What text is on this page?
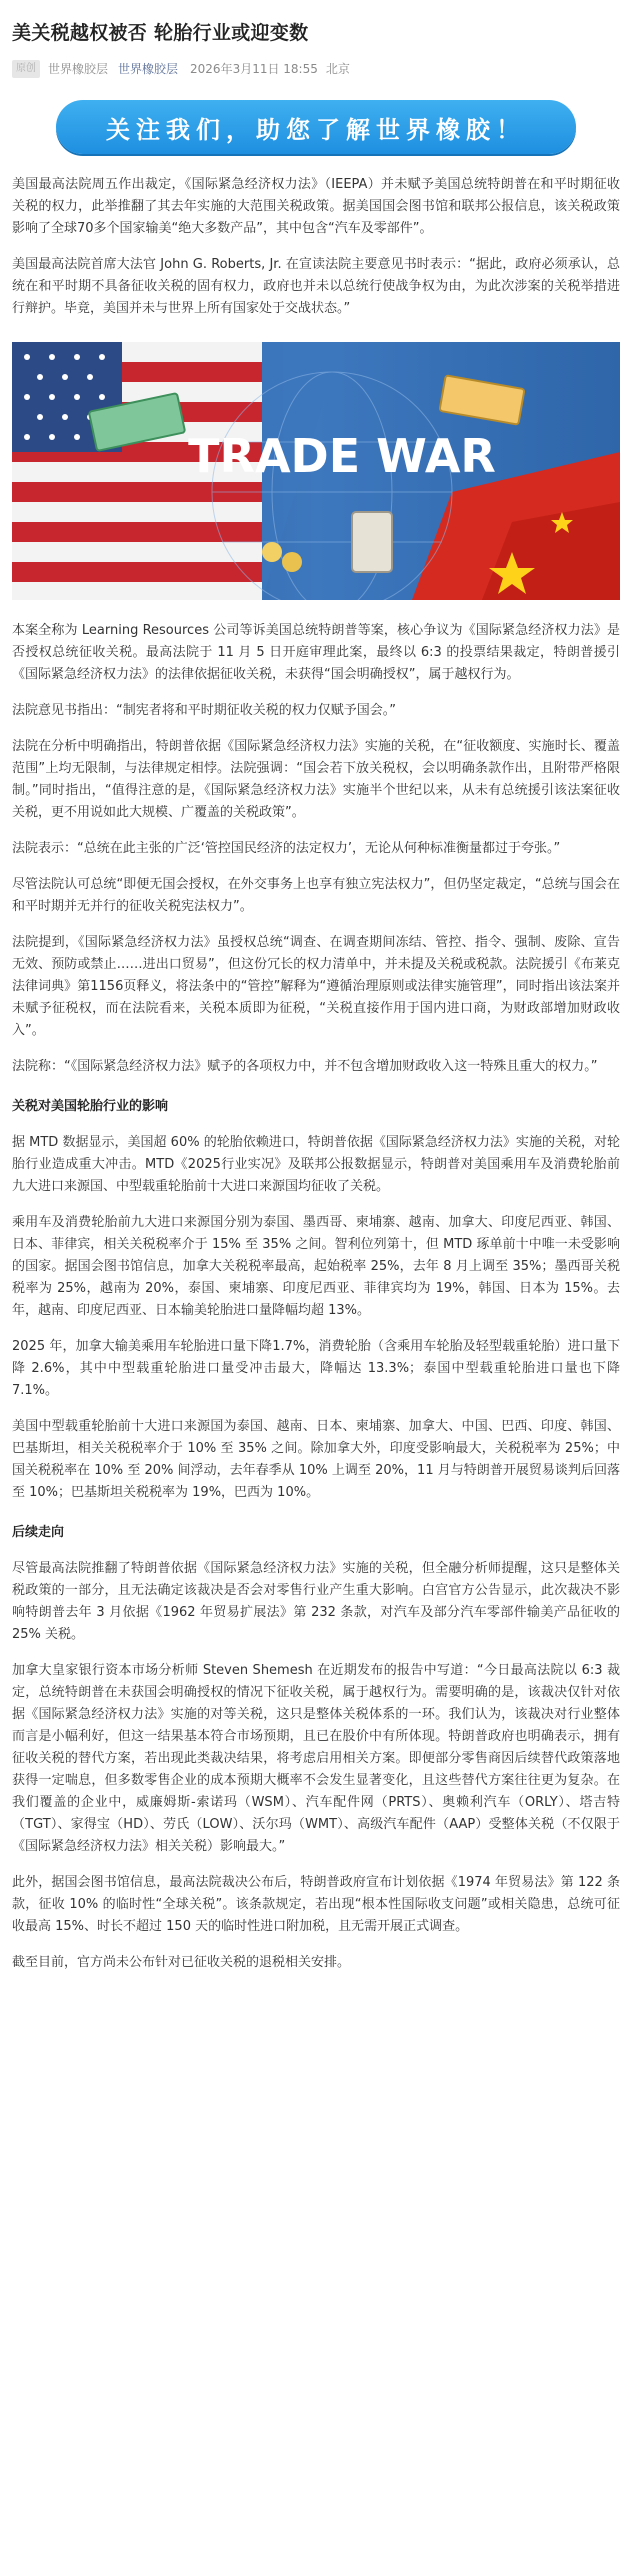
美关税越权被否 轮胎行业或迎变数
原创	世界橡胶层 世界橡胶层 2026年3月11日 18:55 北京
关注我们，助您了解世界橡胶！

美国最高法院周五作出裁定，《国际紧急经济权力法》（IEEPA）并未赋予美国总统特朗普在和平时期征收关税的权力，此举推翻了其去年实施的大范围关税政策。据美国国会图书馆和联邦公报信息，该关税政策影响了全球70多个国家输美“绝大多数产品”，其中包含“汽车及零部件”。

美国最高法院首席大法官 John G. Roberts, Jr. 在宣读法院主要意见书时表示：“据此，政府必须承认，总统在和平时期不具备征收关税的固有权力，政府也并未以总统行使战争权为由，为此次涉案的关税举措进行辩护。毕竟，美国并未与世界上所有国家处于交战状态。”

TRADE WAR

本案全称为 Learning Resources 公司等诉美国总统特朗普等案，核心争议为《国际紧急经济权力法》是否授权总统征收关税。最高法院于 11 月 5 日开庭审理此案，最终以 6:3 的投票结果裁定，特朗普援引《国际紧急经济权力法》的法律依据征收关税，未获得“国会明确授权”，属于越权行为。

法院意见书指出：“制宪者将和平时期征收关税的权力仅赋予国会。”

法院在分析中明确指出，特朗普依据《国际紧急经济权力法》实施的关税，在“征收额度、实施时长、覆盖范围”上均无限制，与法律规定相悖。法院强调：“国会若下放关税权，会以明确条款作出，且附带严格限制。”同时指出，“值得注意的是，《国际紧急经济权力法》实施半个世纪以来，从未有总统援引该法案征收关税，更不用说如此大规模、广覆盖的关税政策”。

法院表示：“总统在此主张的广泛‘管控国民经济的法定权力’，无论从何种标准衡量都过于夸张。”

尽管法院认可总统“即便无国会授权，在外交事务上也享有独立宪法权力”，但仍坚定裁定，“总统与国会在和平时期并无并行的征收关税宪法权力”。

法院提到，《国际紧急经济权力法》虽授权总统“调查、在调查期间冻结、管控、指令、强制、废除、宣告无效、预防或禁止……进出口贸易”，但这份冗长的权力清单中，并未提及关税或税款。法院援引《布莱克法律词典》第1156页释义，将法条中的“管控”解释为“遵循治理原则或法律实施管理”，同时指出该法案并未赋予征税权，而在法院看来，关税本质即为征税，“关税直接作用于国内进口商，为财政部增加财政收入”。

法院称：“《国际紧急经济权力法》赋予的各项权力中，并不包含增加财政收入这一特殊且重大的权力。”

关税对美国轮胎行业的影响

据 MTD 数据显示，美国超 60% 的轮胎依赖进口，特朗普依据《国际紧急经济权力法》实施的关税，对轮胎行业造成重大冲击。MTD《2025行业实况》及联邦公报数据显示，特朗普对美国乘用车及消费轮胎前九大进口来源国、中型载重轮胎前十大进口来源国均征收了关税。

乘用车及消费轮胎前九大进口来源国分别为泰国、墨西哥、柬埔寨、越南、加拿大、印度尼西亚、韩国、日本、菲律宾，相关关税税率介于 15% 至 35% 之间。智利位列第十，但 MTD 琢单前十中唯一未受影响的国家。据国会图书馆信息，加拿大关税税率最高，起始税率 25%，去年 8 月上调至 35%；墨西哥关税税率为 25%，越南为 20%，泰国、柬埔寨、印度尼西亚、菲律宾均为 19%，韩国、日本为 15%。去年，越南、印度尼西亚、日本输美轮胎进口量降幅均超 13%。

2025 年，加拿大输美乘用车轮胎进口量下降1.7%，消费轮胎（含乘用车轮胎及轻型载重轮胎）进口量下降 2.6%，其中中型载重轮胎进口量受冲击最大，降幅达 13.3%；泰国中型载重轮胎进口量也下降 7.1%。

美国中型载重轮胎前十大进口来源国为泰国、越南、日本、柬埔寨、加拿大、中国、巴西、印度、韩国、巴基斯坦，相关关税税率介于 10% 至 35% 之间。除加拿大外，印度受影响最大，关税税率为 25%；中国关税税率在 10% 至 20% 间浮动，去年春季从 10% 上调至 20%，11 月与特朗普开展贸易谈判后回落至 10%；巴基斯坦关税税率为 19%，巴西为 10%。

后续走向

尽管最高法院推翻了特朗普依据《国际紧急经济权力法》实施的关税，但全融分析师提醒，这只是整体关税政策的一部分，且无法确定该裁决是否会对零售行业产生重大影响。白宫官方公告显示，此次裁决不影响特朗普去年 3 月依据《1962 年贸易扩展法》第 232 条款，对汽车及部分汽车零部件输美产品征收的 25% 关税。

加拿大皇家银行资本市场分析师 Steven Shemesh 在近期发布的报告中写道：“今日最高法院以 6:3 裁定，总统特朗普在未获国会明确授权的情况下征收关税，属于越权行为。需要明确的是，该裁决仅针对依据《国际紧急经济权力法》实施的对等关税，这只是整体关税体系的一环。我们认为，该裁决对行业整体而言是小幅利好，但这一结果基本符合市场预期，且已在股价中有所体现。特朗普政府也明确表示，拥有征收关税的替代方案，若出现此类裁决结果，将考虑启用相关方案。即便部分零售商因后续替代政策落地获得一定喘息，但多数零售企业的成本预期大概率不会发生显著变化，且这些替代方案往往更为复杂。在我们覆盖的企业中，威廉姆斯-索诺玛（WSM）、汽车配件网（PRTS）、奥赖利汽车（ORLY）、塔吉特（TGT）、家得宝（HD）、劳氏（LOW）、沃尔玛（WMT）、高级汽车配件（AAP）受整体关税（不仅限于《国际紧急经济权力法》相关关税）影响最大。”

此外，据国会图书馆信息，最高法院裁决公布后，特朗普政府宣布计划依据《1974 年贸易法》第 122 条款，征收 10% 的临时性“全球关税”。该条款规定，若出现“根本性国际收支问题”或相关隐患，总统可征收最高 15%、时长不超过 150 天的临时性进口附加税，且无需开展正式调查。

截至目前，官方尚未公布针对已征收关税的退税相关安排。
